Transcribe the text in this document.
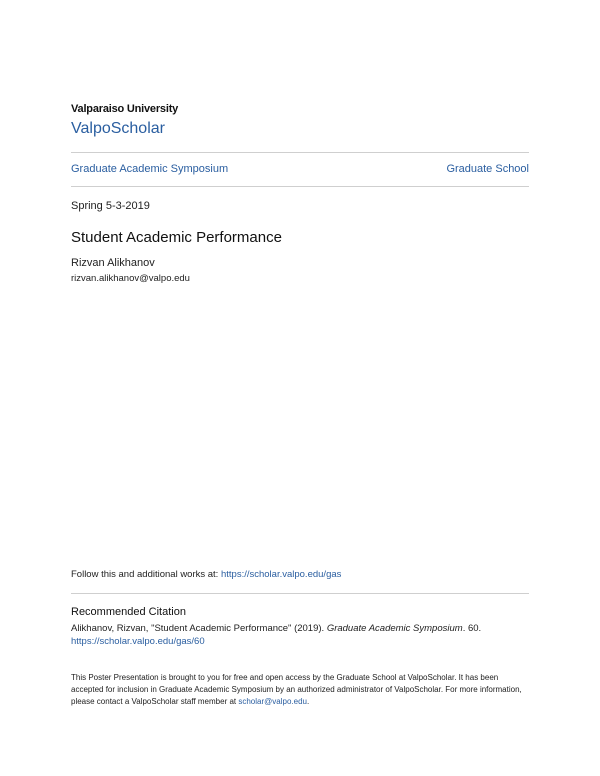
Valparaiso University
ValpoScholar
Graduate Academic Symposium	Graduate School
Spring 5-3-2019
Student Academic Performance
Rizvan Alikhanov
rizvan.alikhanov@valpo.edu
Follow this and additional works at: https://scholar.valpo.edu/gas
Recommended Citation
Alikhanov, Rizvan, "Student Academic Performance" (2019). Graduate Academic Symposium. 60.
https://scholar.valpo.edu/gas/60
This Poster Presentation is brought to you for free and open access by the Graduate School at ValpoScholar. It has been accepted for inclusion in Graduate Academic Symposium by an authorized administrator of ValpoScholar. For more information, please contact a ValpoScholar staff member at scholar@valpo.edu.
